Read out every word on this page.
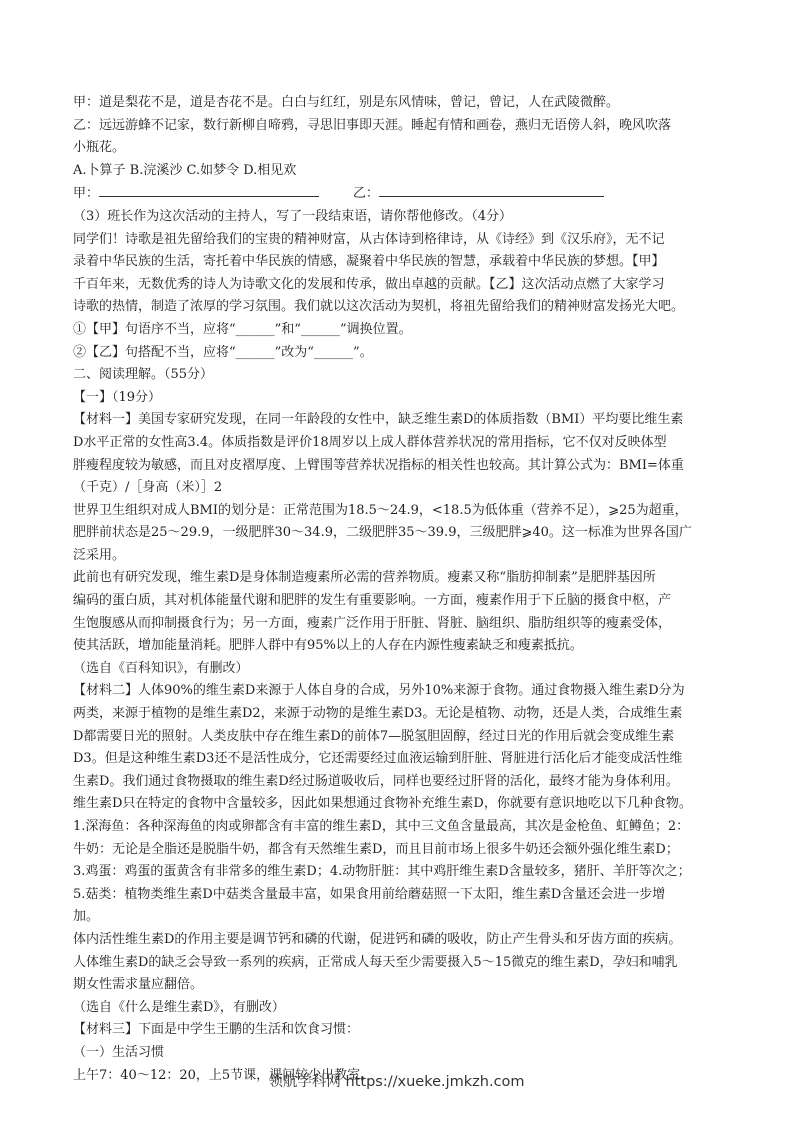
甲：道是梨花不是，道是杏花不是。白白与红红，别是东风情味，曾记，曾记，人在武陵微醉。
乙：远远游蜂不记家，数行新柳自啼鸦，寻思旧事即天涯。睡起有情和画卷，燕归无语傍人斜，晚风吹落
小瓶花。
A.卜算子 B.浣溪沙 C.如梦令 D.相见欢
甲：	乙：
（3）班长作为这次活动的主持人，写了一段结束语，请你帮他修改。（4分）
同学们！诗歌是祖先留给我们的宝贵的精神财富，从古体诗到格律诗，从《诗经》到《汉乐府》，无不记
录着中华民族的生活，寄托着中华民族的情感，凝聚着中华民族的智慧，承载着中华民族的梦想。【甲】
千百年来，无数优秀的诗人为诗歌文化的发展和传承，做出卓越的贡献。【乙】这次活动点燃了大家学习
诗歌的热情，制造了浓厚的学习氛围。我们就以这次活动为契机，将祖先留给我们的精神财富发扬光大吧。
①【甲】句语序不当，应将“______”和“______”调换位置。
②【乙】句搭配不当，应将“______”改为“______”。
二、阅读理解。（55分）
【一】（19分）
【材料一】美国专家研究发现，在同一年龄段的女性中，缺乏维生素D的体质指数（BMI）平均要比维生素
D水平正常的女性高3.4。体质指数是评价18周岁以上成人群体营养状况的常用指标，它不仅对反映体型
胖瘦程度较为敏感，而且对皮褶厚度、上臂围等营养状况指标的相关性也较高。其计算公式为：BMI=体重
（千克）/［身高（米）］2
世界卫生组织对成人BMI的划分是：正常范围为18.5～24.9，<18.5为低体重（营养不足），⩾25为超重，
肥胖前状态是25～29.9，一级肥胖30～34.9，二级肥胖35～39.9，三级肥胖⩾40。这一标准为世界各国广
泛采用。
此前也有研究发现，维生素D是身体制造瘦素所必需的营养物质。瘦素又称“脂肪抑制素”是肥胖基因所
编码的蛋白质，其对机体能量代谢和肥胖的发生有重要影响。一方面，瘦素作用于下丘脑的摄食中枢，产
生饱腹感从而抑制摄食行为；另一方面，瘦素广泛作用于肝脏、肾脏、脑组织、脂肪组织等的瘦素受体，
使其活跃，增加能量消耗。肥胖人群中有95%以上的人存在内源性瘦素缺乏和瘦素抵抗。
（选自《百科知识》，有删改）
【材料二】人体90%的维生素D来源于人体自身的合成，另外10%来源于食物。通过食物摄入维生素D分为
两类，来源于植物的是维生素D2，来源于动物的是维生素D3。无论是植物、动物，还是人类，合成维生素
D都需要日光的照射。人类皮肤中存在维生素D的前体7—脱氢胆固醇，经过日光的作用后就会变成维生素
D3。但是这种维生素D3还不是活性成分，它还需要经过血液运输到肝脏、肾脏进行活化后才能变成活性维
生素D。我们通过食物摄取的维生素D经过肠道吸收后，同样也要经过肝肾的活化，最终才能为身体利用。
维生素D只在特定的食物中含量较多，因此如果想通过食物补充维生素D，你就要有意识地吃以下几种食物。
1.深海鱼：各种深海鱼的肉或卵都含有丰富的维生素D，其中三文鱼含量最高，其次是金枪鱼、虹鳟鱼；2：
牛奶：无论是全脂还是脱脂牛奶，都含有天然维生素D，而且目前市场上很多牛奶还会额外强化维生素D；
3.鸡蛋：鸡蛋的蛋黄含有非常多的维生素D；4.动物肝脏：其中鸡肝维生素D含量较多，猪肝、羊肝等次之；
5.菇类：植物类维生素D中菇类含量最丰富，如果食用前给蘑菇照一下太阳，维生素D含量还会进一步增
加。
体内活性维生素D的作用主要是调节钙和磷的代谢，促进钙和磷的吸收，防止产生骨头和牙齿方面的疾病。
人体维生素D的缺乏会导致一系列的疾病，正常成人每天至少需要摄入5～15微克的维生素D，孕妇和哺乳
期女性需求量应翻倍。
（选自《什么是维生素D》，有删改）
【材料三】下面是中学生王鹏的生活和饮食习惯：
（一）生活习惯
上午7：40～12：20，上5节课，课间较少出教室。
领航学科网 https://xueke.jmkzh.com
